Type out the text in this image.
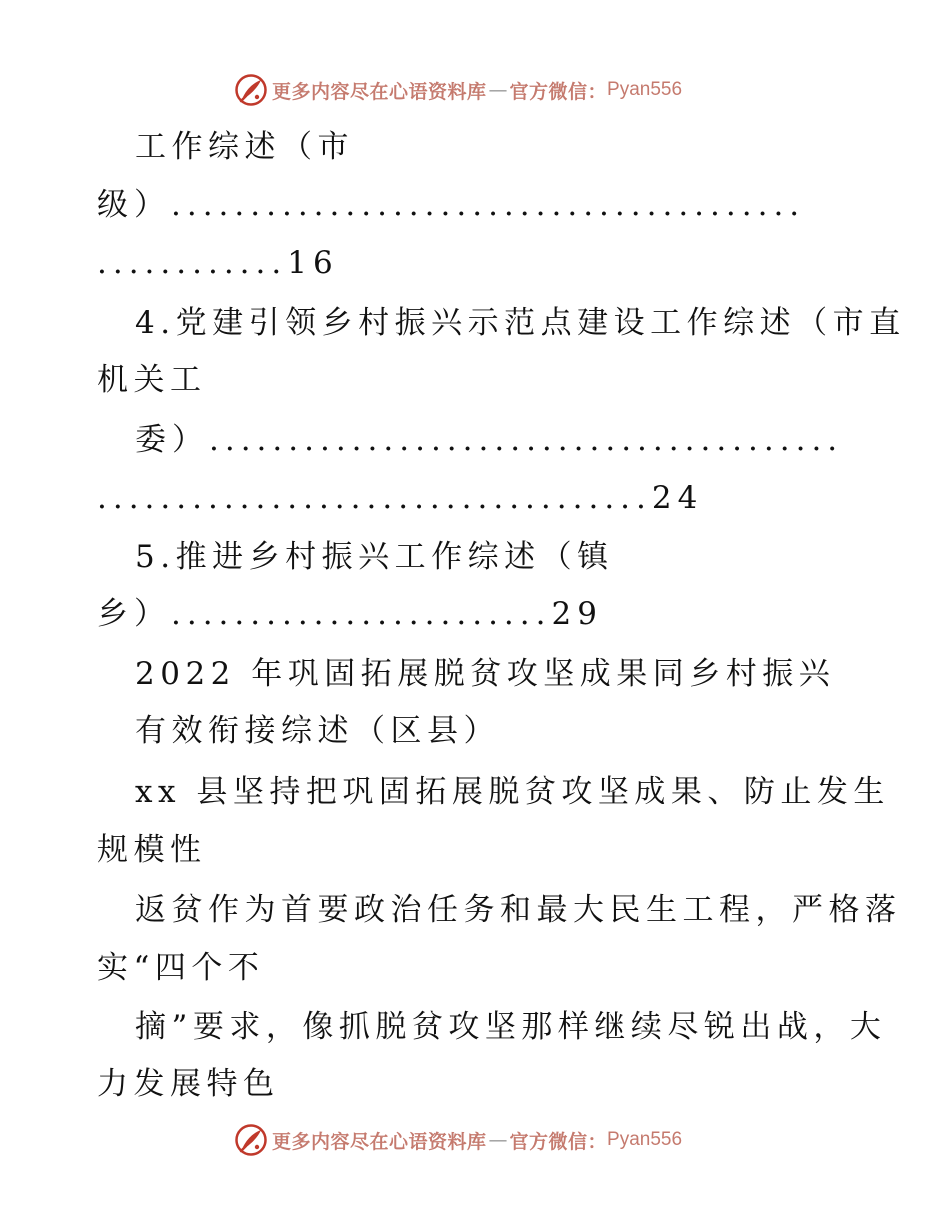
更多内容尽在心语资料库 — 官方微信： Pyan556
工作综述（市
级）........................................
............16
4.党建引领乡村振兴示范点建设工作综述（市直
机关工
委）........................................
...................................24
5.推进乡村振兴工作综述（镇
乡）........................29
2022 年巩固拓展脱贫攻坚成果同乡村振兴
有效衔接综述（区县）
xx 县坚持把巩固拓展脱贫攻坚成果、防止发生
规模性
返贫作为首要政治任务和最大民生工程，严格落
实“四个不
摘”要求，像抓脱贫攻坚那样继续尽锐出战，大
力发展特色
更多内容尽在心语资料库 — 官方微信： Pyan556
